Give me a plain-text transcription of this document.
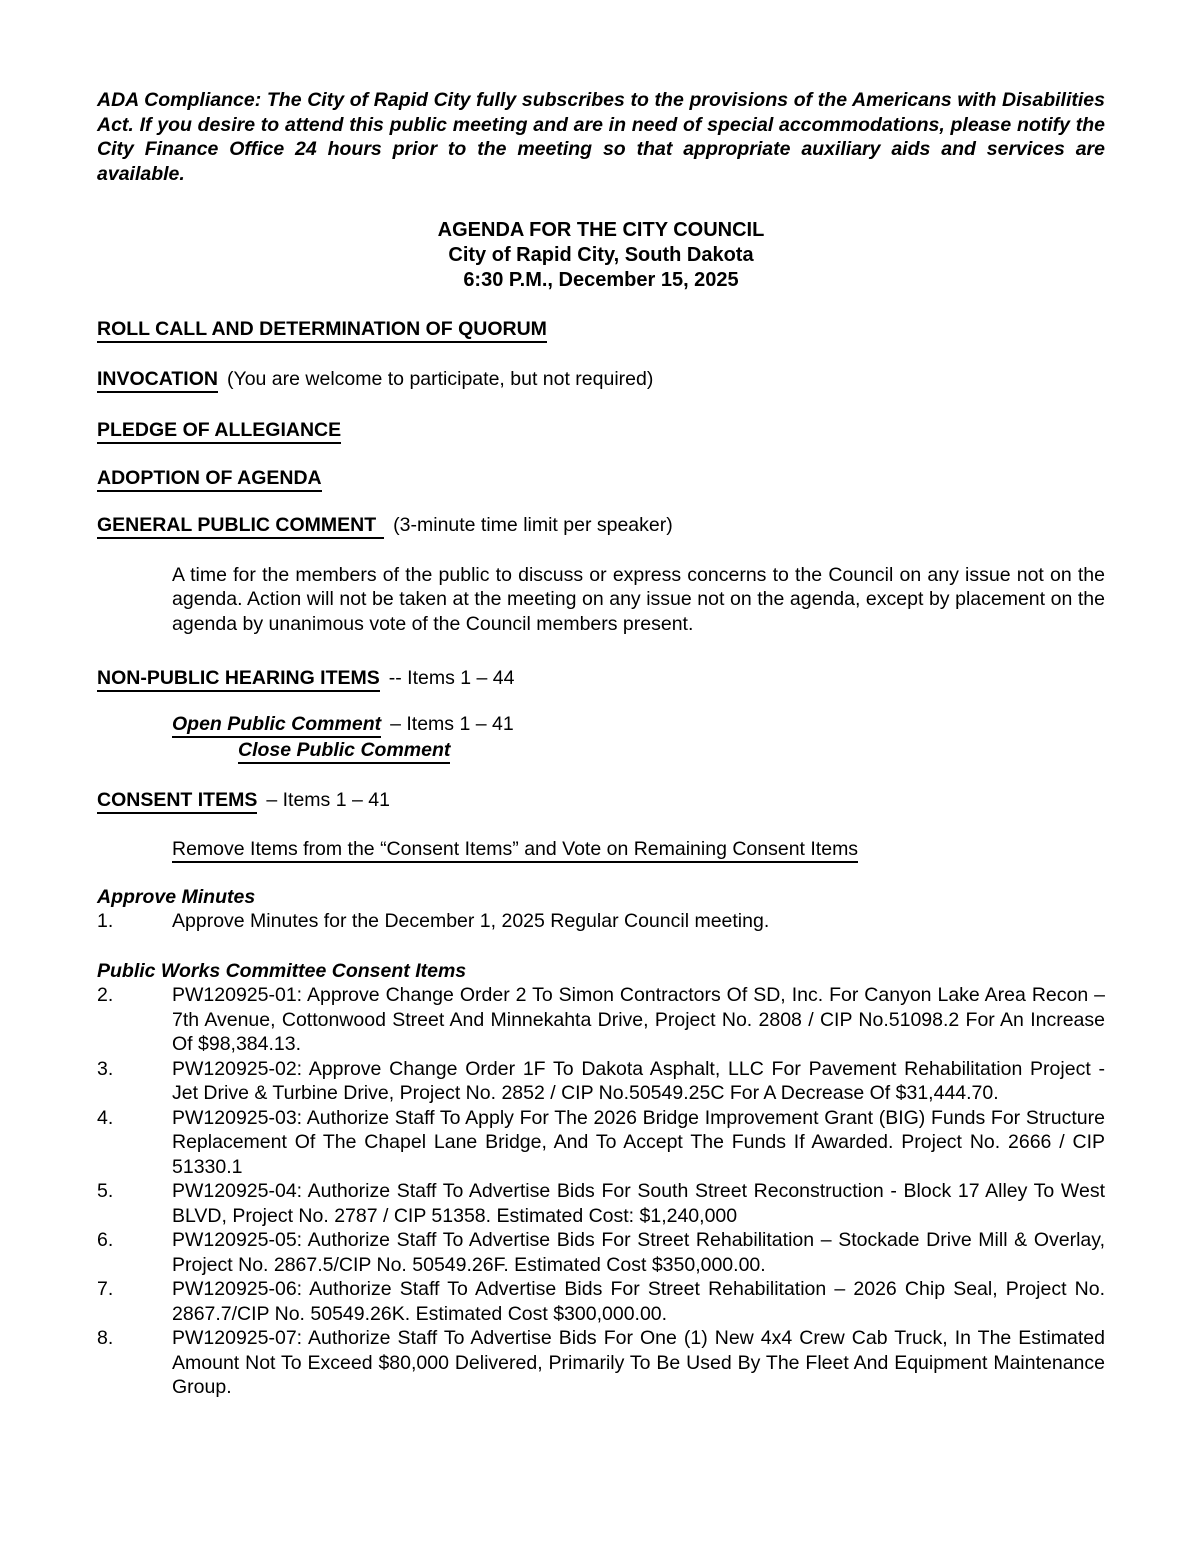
ADA Compliance: The City of Rapid City fully subscribes to the provisions of the Americans with Disabilities Act. If you desire to attend this public meeting and are in need of special accommodations, please notify the City Finance Office 24 hours prior to the meeting so that appropriate auxiliary aids and services are available.

AGENDA FOR THE CITY COUNCIL
City of Rapid City, South Dakota
6:30 P.M., December 15, 2025
ROLL CALL AND DETERMINATION OF QUORUM
INVOCATION (You are welcome to participate, but not required)
PLEDGE OF ALLEGIANCE
ADOPTION OF AGENDA
GENERAL PUBLIC COMMENT (3-minute time limit per speaker)

A time for the members of the public to discuss or express concerns to the Council on any issue not on the agenda. Action will not be taken at the meeting on any issue not on the agenda, except by placement on the agenda by unanimous vote of the Council members present.

NON-PUBLIC HEARING ITEMS -- Items 1 – 44
Open Public Comment – Items 1 – 41
Close Public Comment
CONSENT ITEMS – Items 1 – 41
Remove Items from the “Consent Items” and Vote on Remaining Consent Items
Approve Minutes
1.	Approve Minutes for the December 1, 2025 Regular Council meeting.
Public Works Committee Consent Items
2.	PW120925-01: Approve Change Order 2 To Simon Contractors Of SD, Inc. For Canyon Lake Area Recon – 7th Avenue, Cottonwood Street And Minnekahta Drive, Project No. 2808 / CIP No.51098.2 For An Increase Of $98,384.13.
3.	PW120925-02: Approve Change Order 1F To Dakota Asphalt, LLC For Pavement Rehabilitation Project - Jet Drive & Turbine Drive, Project No. 2852 / CIP No.50549.25C For A Decrease Of $31,444.70.
4.	PW120925-03: Authorize Staff To Apply For The 2026 Bridge Improvement Grant (BIG) Funds For Structure Replacement Of The Chapel Lane Bridge, And To Accept The Funds If Awarded. Project No. 2666 / CIP 51330.1
5.	PW120925-04: Authorize Staff To Advertise Bids For South Street Reconstruction - Block 17 Alley To West BLVD, Project No. 2787 / CIP 51358. Estimated Cost: $1,240,000
6.	PW120925-05: Authorize Staff To Advertise Bids For Street Rehabilitation – Stockade Drive Mill & Overlay, Project No. 2867.5/CIP No. 50549.26F. Estimated Cost $350,000.00.
7.	PW120925-06: Authorize Staff To Advertise Bids For Street Rehabilitation – 2026 Chip Seal, Project No. 2867.7/CIP No. 50549.26K. Estimated Cost $300,000.00.
8.	PW120925-07: Authorize Staff To Advertise Bids For One (1) New 4x4 Crew Cab Truck, In The Estimated Amount Not To Exceed $80,000 Delivered, Primarily To Be Used By The Fleet And Equipment Maintenance Group.
